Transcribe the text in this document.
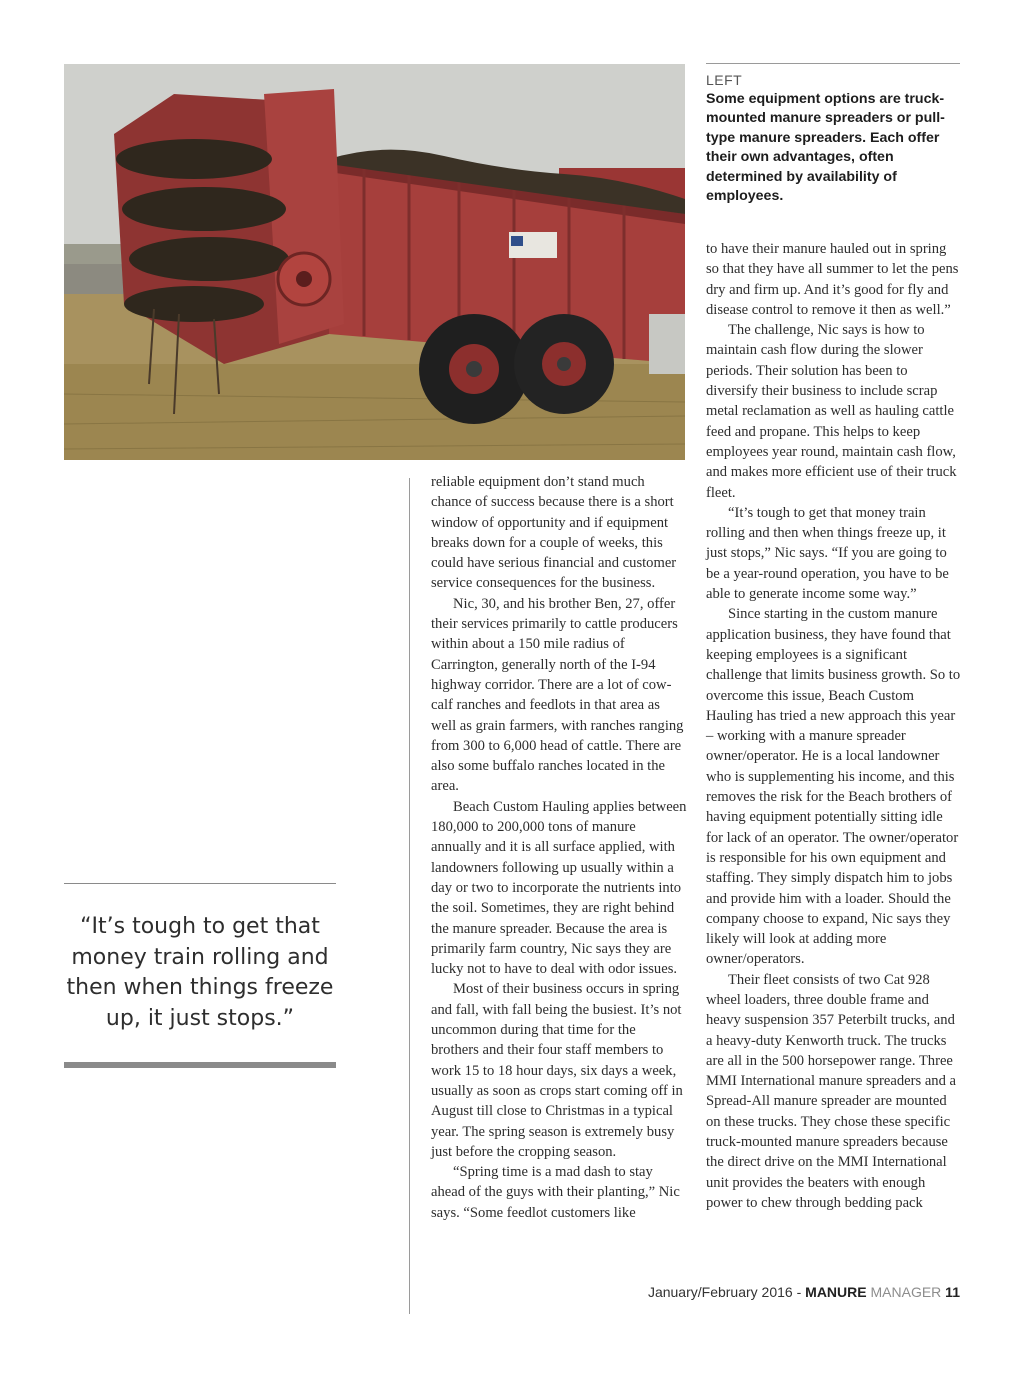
LEFT
Some equipment options are truck-mounted manure spreaders or pull-type manure spreaders. Each offer their own advantages, often determined by availability of employees.

reliable equipment don’t stand much chance of success because there is a short window of opportunity and if equipment breaks down for a couple of weeks, this could have serious financial and customer service consequences for the business.

Nic, 30, and his brother Ben, 27, offer their services primarily to cattle producers within about a 150 mile radius of Carrington, generally north of the I-94 highway corridor. There are a lot of cow-calf ranches and feedlots in that area as well as grain farmers, with ranches ranging from 300 to 6,000 head of cattle. There are also some buffalo ranches located in the area.

Beach Custom Hauling applies between 180,000 to 200,000 tons of manure annually and it is all surface applied, with landowners following up usually within a day or two to incorporate the nutrients into the soil. Sometimes, they are right behind the manure spreader. Because the area is primarily farm country, Nic says they are lucky not to have to deal with odor issues.

Most of their business occurs in spring and fall, with fall being the busiest. It’s not uncommon during that time for the brothers and their four staff members to work 15 to 18 hour days, six days a week, usually as soon as crops start coming off in August till close to Christmas in a typical year. The spring season is extremely busy just before the cropping season.

“Spring time is a mad dash to stay ahead of the guys with their planting,” Nic says. “Some feedlot customers like

to have their manure hauled out in spring so that they have all summer to let the pens dry and firm up. And it’s good for fly and disease control to remove it then as well.”

The challenge, Nic says is how to maintain cash flow during the slower periods. Their solution has been to diversify their business to include scrap metal reclamation as well as hauling cattle feed and propane. This helps to keep employees year round, maintain cash flow, and makes more efficient use of their truck fleet.

“It’s tough to get that money train rolling and then when things freeze up, it just stops,” Nic says. “If you are going to be a year-round operation, you have to be able to generate income some way.”

Since starting in the custom manure application business, they have found that keeping employees is a significant challenge that limits business growth. So to overcome this issue, Beach Custom Hauling has tried a new approach this year – working with a manure spreader owner/operator. He is a local landowner who is supplementing his income, and this removes the risk for the Beach brothers of having equipment potentially sitting idle for lack of an operator. The owner/operator is responsible for his own equipment and staffing. They simply dispatch him to jobs and provide him with a loader. Should the company choose to expand, Nic says they likely will look at adding more owner/operators.

Their fleet consists of two Cat 928 wheel loaders, three double frame and heavy suspension 357 Peterbilt trucks, and a heavy-duty Kenworth truck. The trucks are all in the 500 horsepower range. Three MMI International manure spreaders and a Spread-All manure spreader are mounted on these trucks. They chose these specific truck-mounted manure spreaders because the direct drive on the MMI International unit provides the beaters with enough power to chew through bedding pack

“It’s tough to get that money train rolling and then when things freeze up, it just stops.”
January/February 2016 - MANURE MANAGER 11
